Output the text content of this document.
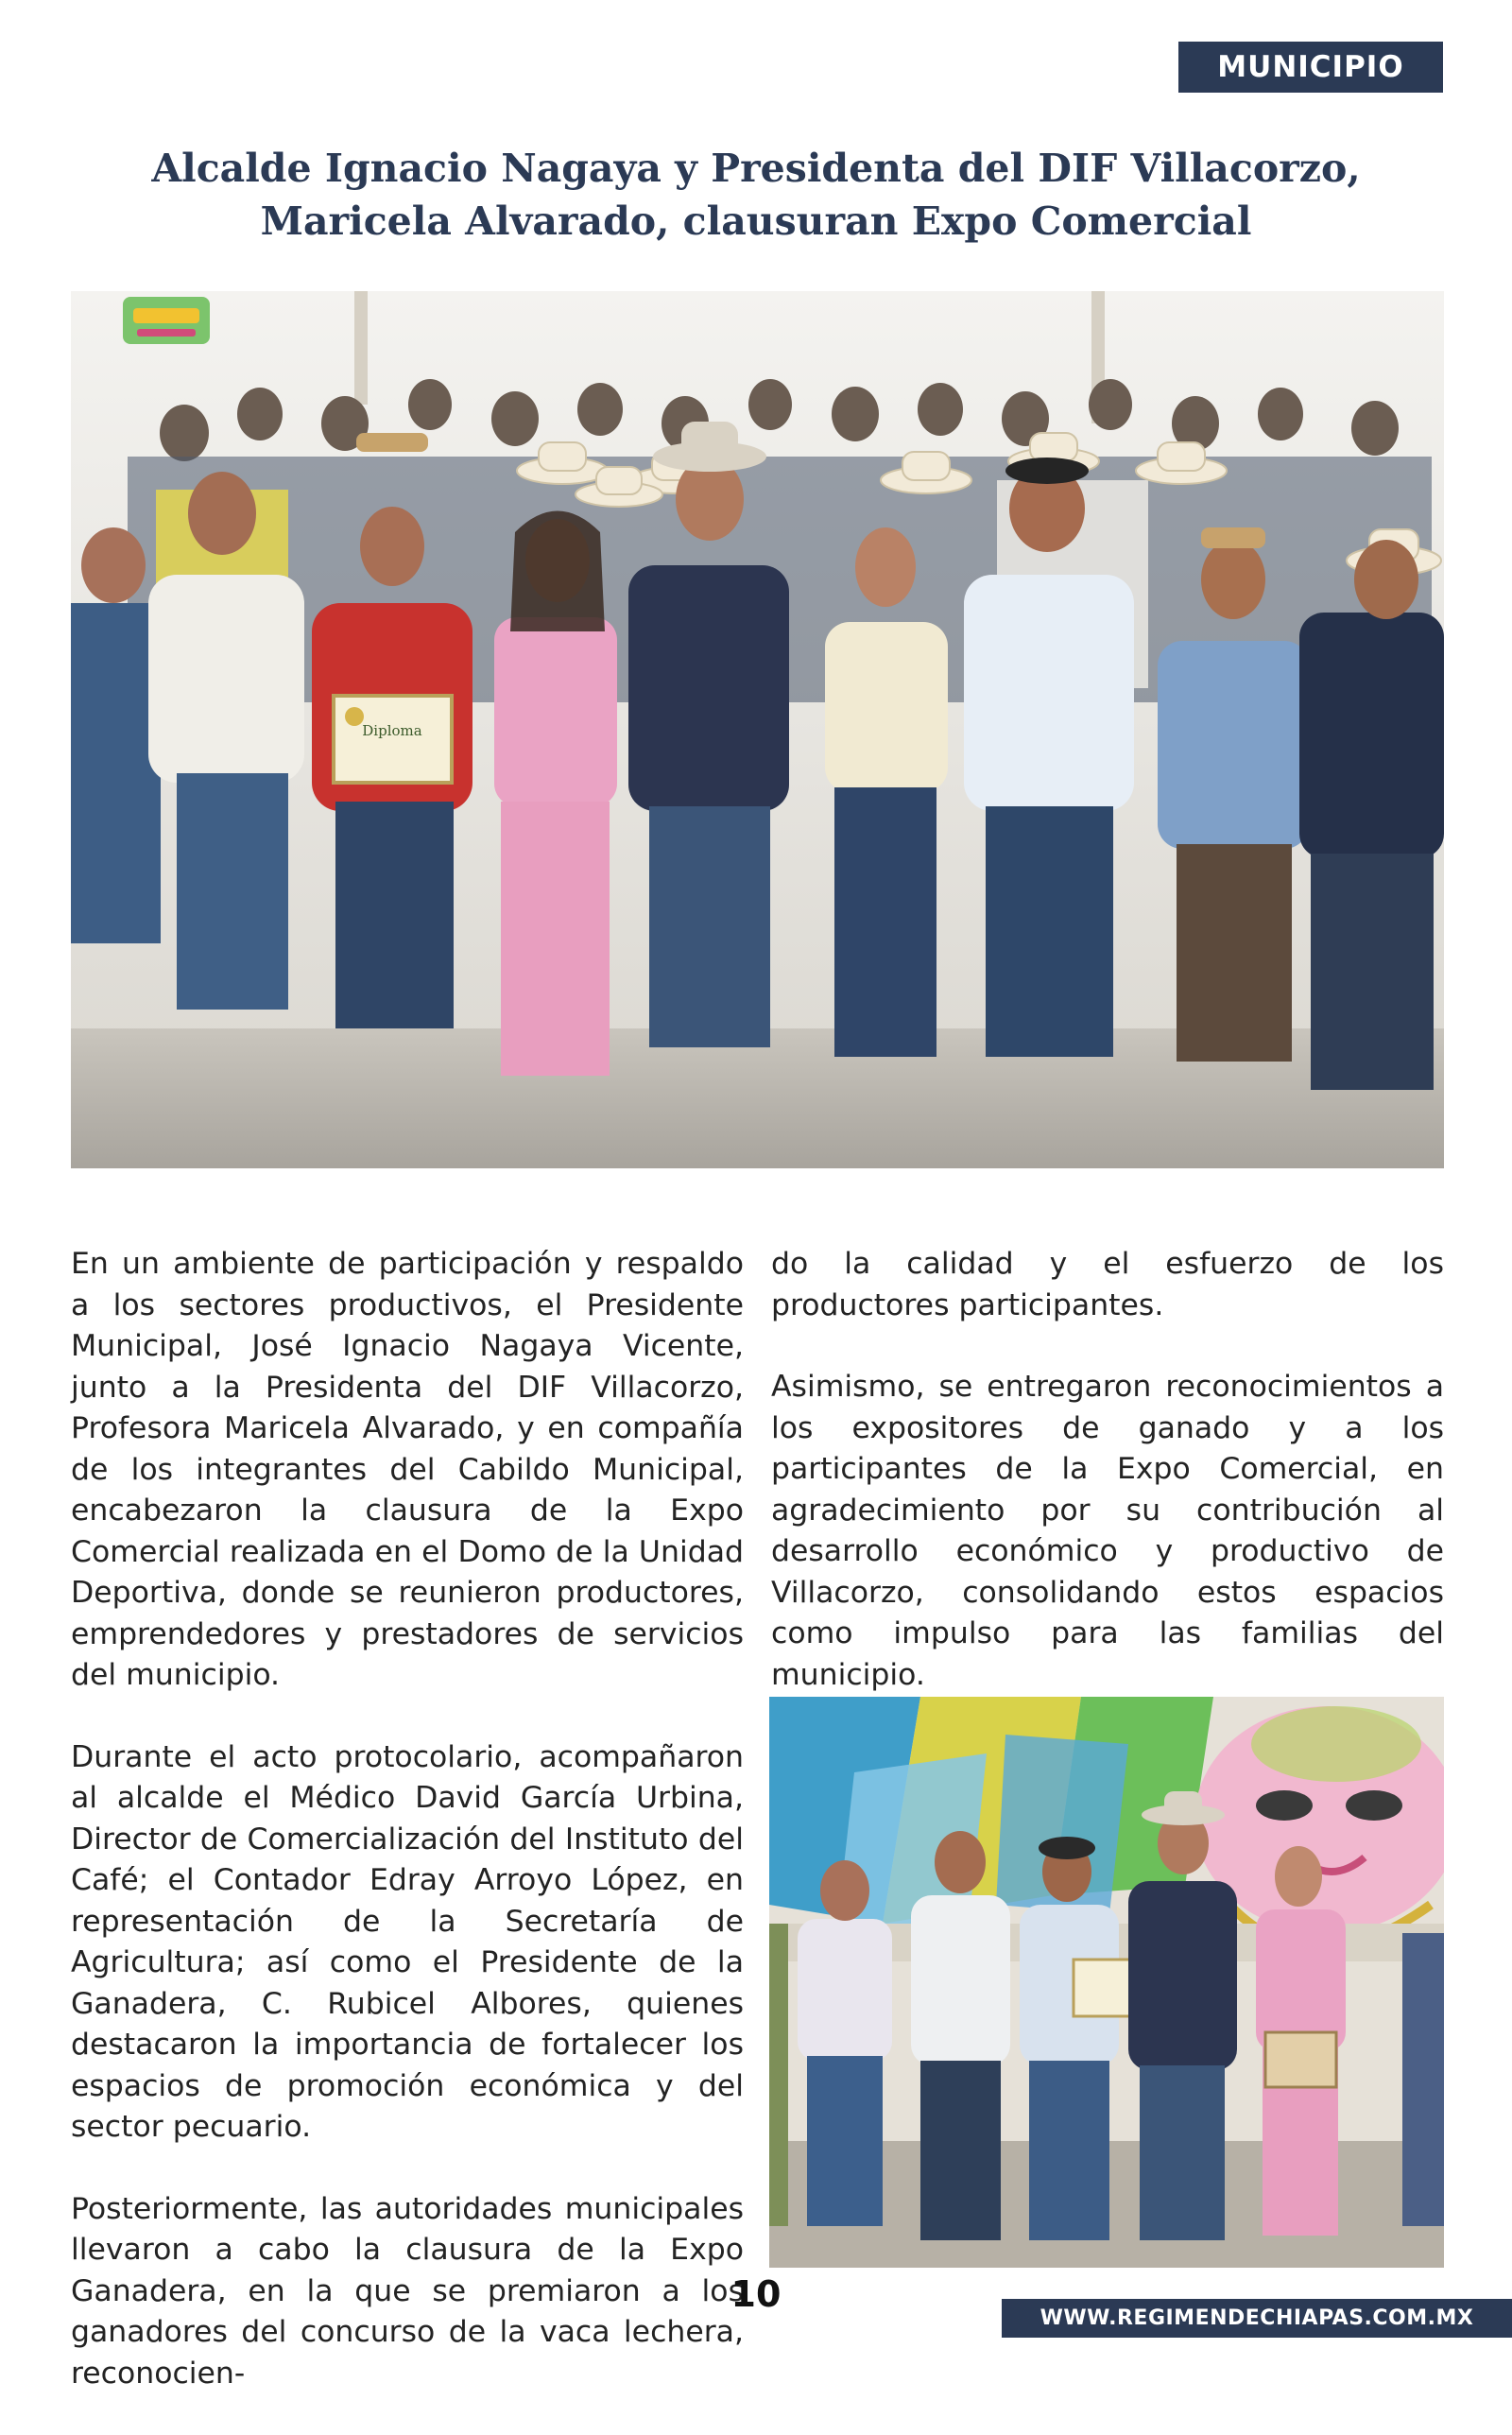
MUNICIPIO
Alcalde Ignacio Nagaya y Presidenta del DIF Villacorzo,
Maricela Alvarado, clausuran Expo Comercial
Diploma

En un ambiente de participación y respaldo a los sectores productivos, el Presidente Municipal, José Ignacio Nagaya Vicente, junto a la Presidenta del DIF Villacorzo, Profesora Maricela Alvarado, y en compañía de los integrantes del Cabildo Municipal, encabezaron la clausura de la Expo Comercial realizada en el Domo de la Unidad Deportiva, donde se reunieron productores, emprendedores y prestadores de servicios del municipio.

Durante el acto protocolario, acompañaron al alcalde el Médico David García Urbina, Director de Comercialización del Instituto del Café; el Contador Edray Arroyo López, en representación de la Secretaría de Agricultura; así como el Presidente de la Ganadera, C. Rubicel Albores, quienes destacaron la importancia de fortalecer los espacios de promoción económica y del sector pecuario.

Posteriormente, las autoridades municipales llevaron a cabo la clausura de la Expo Ganadera, en la que se premiaron a los ganadores del concurso de la vaca lechera, reconocien-

do la calidad y el esfuerzo de los productores participantes.

Asimismo, se entregaron reconocimientos a los expositores de ganado y a los participantes de la Expo Comercial, en agradecimiento por su contribución al desarrollo económico y productivo de Villacorzo, consolidando estos espacios como impulso para las familias del municipio.

10
WWW.REGIMENDECHIAPAS.COM.MX
